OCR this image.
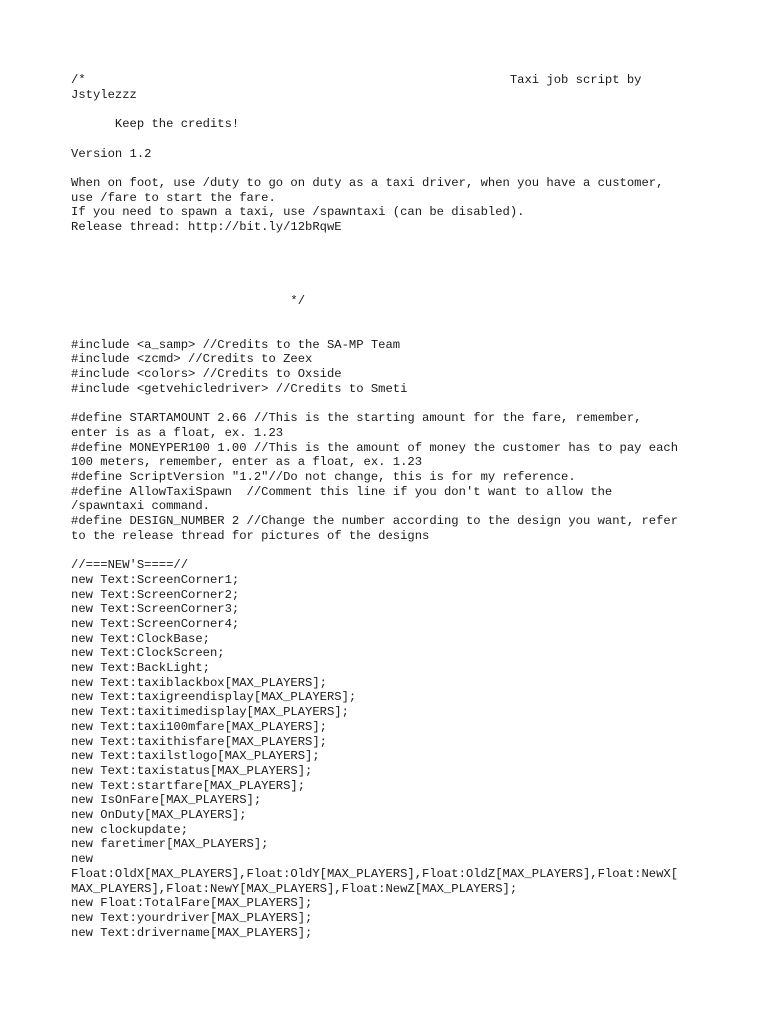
/*                                                          Taxi job script by
Jstylezzz
Keep the credits!
Version 1.2
When on foot, use /duty to go on duty as a taxi driver, when you have a customer,
use /fare to start the fare.
If you need to spawn a taxi, use /spawntaxi (can be disabled).
Release thread: http://bit.ly/12bRqwE
*/
#include <a_samp> //Credits to the SA-MP Team
#include <zcmd> //Credits to Zeex
#include <colors> //Credits to Oxside
#include <getvehicledriver> //Credits to Smeti
#define STARTAMOUNT 2.66 //This is the starting amount for the fare, remember,
enter is as a float, ex. 1.23
#define MONEYPER100 1.00 //This is the amount of money the customer has to pay each
100 meters, remember, enter as a float, ex. 1.23
#define ScriptVersion "1.2"//Do not change, this is for my reference.
#define AllowTaxiSpawn  //Comment this line if you don't want to allow the
/spawntaxi command.
#define DESIGN_NUMBER 2 //Change the number according to the design you want, refer
to the release thread for pictures of the designs
//===NEW'S====//
new Text:ScreenCorner1;
new Text:ScreenCorner2;
new Text:ScreenCorner3;
new Text:ScreenCorner4;
new Text:ClockBase;
new Text:ClockScreen;
new Text:BackLight;
new Text:taxiblackbox[MAX_PLAYERS];
new Text:taxigreendisplay[MAX_PLAYERS];
new Text:taxitimedisplay[MAX_PLAYERS];
new Text:taxi100mfare[MAX_PLAYERS];
new Text:taxithisfare[MAX_PLAYERS];
new Text:taxilstlogo[MAX_PLAYERS];
new Text:taxistatus[MAX_PLAYERS];
new Text:startfare[MAX_PLAYERS];
new IsOnFare[MAX_PLAYERS];
new OnDuty[MAX_PLAYERS];
new clockupdate;
new faretimer[MAX_PLAYERS];
new
Float:OldX[MAX_PLAYERS],Float:OldY[MAX_PLAYERS],Float:OldZ[MAX_PLAYERS],Float:NewX[
MAX_PLAYERS],Float:NewY[MAX_PLAYERS],Float:NewZ[MAX_PLAYERS];
new Float:TotalFare[MAX_PLAYERS];
new Text:yourdriver[MAX_PLAYERS];
new Text:drivername[MAX_PLAYERS];
